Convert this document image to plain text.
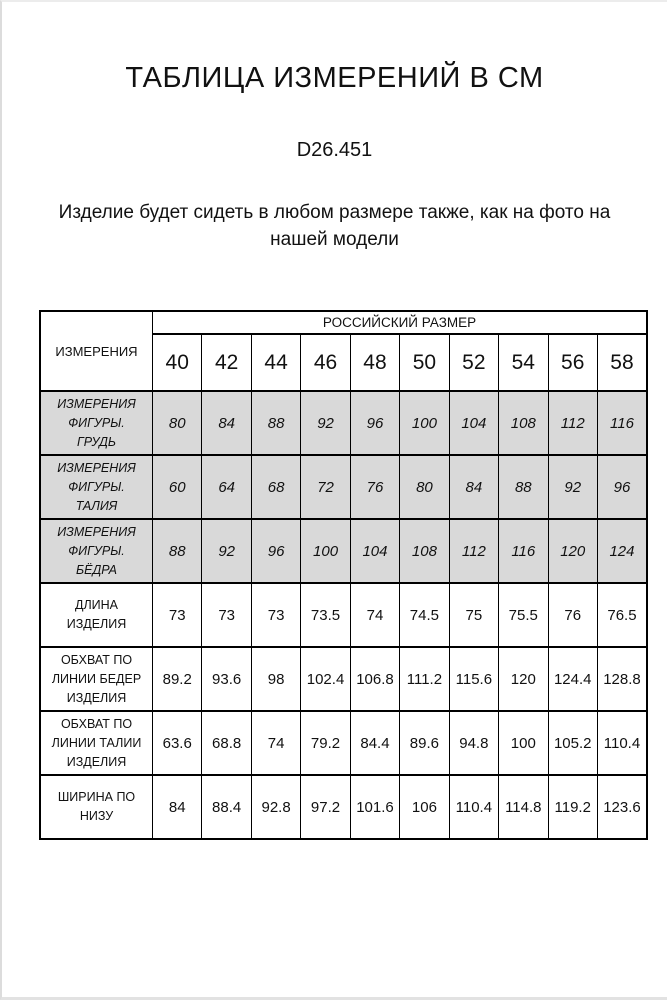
ТАБЛИЦА ИЗМЕРЕНИЙ В СМ
D26.451

Изделие будет сидеть в любом размере также, как на фото на нашей модели

ИЗМЕРЕНИЯ	РОССИЙСКИЙ РАЗМЕР									
	40	42	44	46	48	50	52	54	56	58
ИЗМЕРЕНИЯ ФИГУРЫ. ГРУДЬ	80	84	88	92	96	100	104	108	112	116
ИЗМЕРЕНИЯ ФИГУРЫ. ТАЛИЯ	60	64	68	72	76	80	84	88	92	96
ИЗМЕРЕНИЯ ФИГУРЫ. БЁДРА	88	92	96	100	104	108	112	116	120	124
ДЛИНА ИЗДЕЛИЯ	73	73	73	73.5	74	74.5	75	75.5	76	76.5
ОБХВАТ ПО ЛИНИИ БЕДЕР ИЗДЕЛИЯ	89.2	93.6	98	102.4	106.8	111.2	115.6	120	124.4	128.8
ОБХВАТ ПО ЛИНИИ ТАЛИИ ИЗДЕЛИЯ	63.6	68.8	74	79.2	84.4	89.6	94.8	100	105.2	110.4
ШИРИНА ПО НИЗУ	84	88.4	92.8	97.2	101.6	106	110.4	114.8	119.2	123.6
